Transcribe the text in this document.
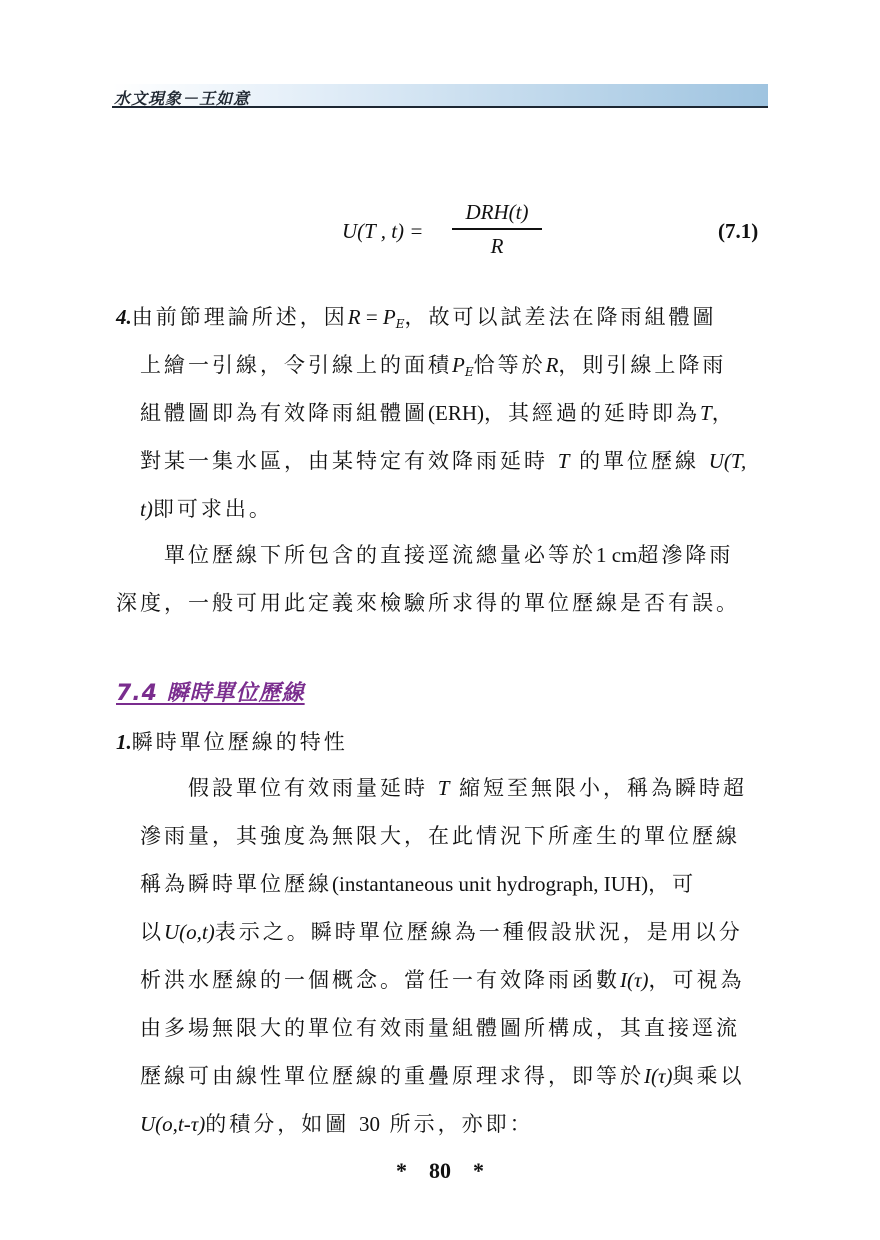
水文現象－王如意
U(T , t) =
DRH(t)
R
(7.1)
4.由前節理論所述，因$R = P_E$，故可以試差法在降雨組體圖
上繪一引線，令引線上的面積$P_E$恰等於R，則引線上降雨
組體圖即為有效降雨組體圖(ERH)，其經過的延時即為T，
對某一集水區，由某特定有效降雨延時 T 的單位歷線 U(T,
t)即可求出。
單位歷線下所包含的直接逕流總量必等於1 cm超滲降雨
深度，一般可用此定義來檢驗所求得的單位歷線是否有誤。
7.4 瞬時單位歷線
1.瞬時單位歷線的特性
假設單位有效雨量延時 T 縮短至無限小，稱為瞬時超
滲雨量，其強度為無限大，在此情況下所產生的單位歷線
稱為瞬時單位歷線(instantaneous unit hydrograph, IUH)，可
以U(o,t)表示之。瞬時單位歷線為一種假設狀況，是用以分
析洪水歷線的一個概念。當任一有效降雨函數I(τ)，可視為
由多場無限大的單位有效雨量組體圖所構成，其直接逕流
歷線可由線性單位歷線的重疊原理求得，即等於I(τ)與乘以
U(o,t-τ)的積分，如圖 30 所示，亦即：
* 80 *
